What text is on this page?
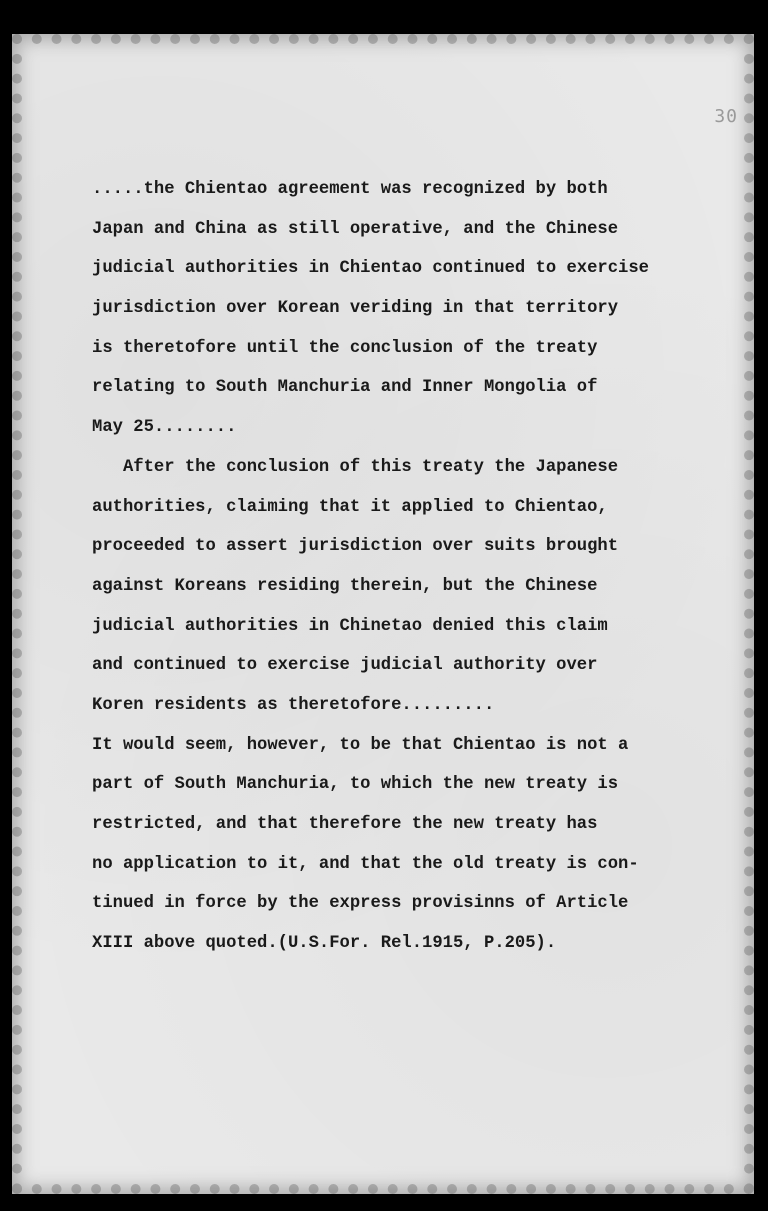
30
.....the Chientao agreement was recognized by both
Japan and China as still operative, and the Chinese
judicial authorities in Chientao continued to exercise
jurisdiction over Korean veriding in that territory
is theretofore until the conclusion of the treaty
relating to South Manchuria and Inner Mongolia of
May 25........
After the conclusion of this treaty the Japanese
authorities, claiming that it applied to Chientao,
proceeded to assert jurisdiction over suits brought
against Koreans residing therein, but the Chinese
judicial authorities in Chinetao denied this claim
and continued to exercise judicial authority over
Koren residents as theretofore.........
It would seem, however, to be that Chientao is not a
part of South Manchuria, to which the new treaty is
restricted, and that therefore the new treaty has
no application to it, and that the old treaty is con-
tinued in force by the express provisinns of Article
XIII above quoted.(U.S.For. Rel.1915, P.205).
